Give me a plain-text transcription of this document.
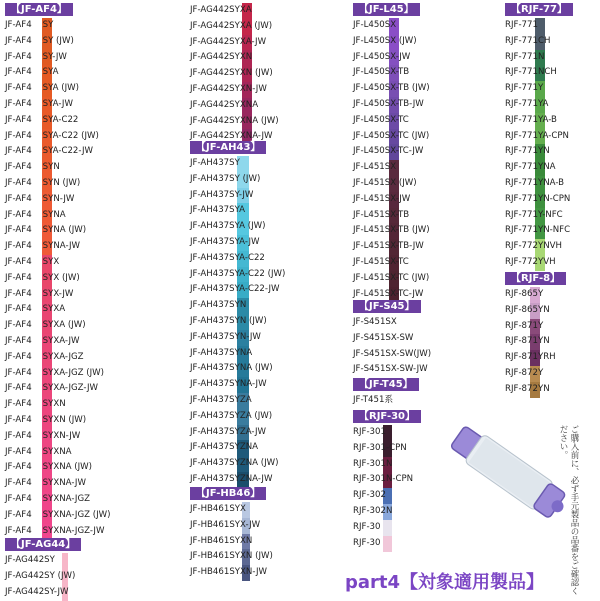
【JF-AF4】
JF-AF434SY
JF-AF434SY (JW)
JF-AF434SY-JW
JF-AF434SYA
JF-AF434SYA (JW)
JF-AF434SYA-JW
JF-AF434SYA-C22
JF-AF434SYA-C22 (JW)
JF-AF434SYA-C22-JW
JF-AF434SYN
JF-AF434SYN (JW)
JF-AF434SYN-JW
JF-AF434SYNA
JF-AF434SYNA (JW)
JF-AF434SYNA-JW
JF-AF442SYX
JF-AF442SYX (JW)
JF-AF442SYX-JW
JF-AF442SYXA
JF-AF442SYXA (JW)
JF-AF442SYXA-JW
JF-AF442SYXA-JGZ
JF-AF442SYXA-JGZ (JW)
JF-AF442SYXA-JGZ-JW
JF-AF442SYXN
JF-AF442SYXN (JW)
JF-AF442SYXN-JW
JF-AF442SYXNA
JF-AF442SYXNA (JW)
JF-AF442SYXNA-JW
JF-AF442SYXNA-JGZ
JF-AF442SYXNA-JGZ (JW)
JF-AF442SYXNA-JGZ-JW
【JF-AG44】
JF-AG442SY
JF-AG442SY (JW)
JF-AG442SY-JW
JF-AG442SYXA
JF-AG442SYXA (JW)
JF-AG442SYXA-JW
JF-AG442SYXN
JF-AG442SYXN (JW)
JF-AG442SYXN-JW
JF-AG442SYXNA
JF-AG442SYXNA (JW)
JF-AG442SYXNA-JW
【JF-AH43】
JF-AH437SY
JF-AH437SY (JW)
JF-AH437SY-JW
JF-AH437SYA
JF-AH437SYA (JW)
JF-AH437SYA-JW
JF-AH437SYA-C22
JF-AH437SYA-C22 (JW)
JF-AH437SYA-C22-JW
JF-AH437SYN
JF-AH437SYN (JW)
JF-AH437SYN-JW
JF-AH437SYNA
JF-AH437SYNA (JW)
JF-AH437SYNA-JW
JF-AH437SYZA
JF-AH437SYZA (JW)
JF-AH437SYZA-JW
JF-AH437SYZNA
JF-AH437SYZNA (JW)
JF-AH437SYZNA-JW
【JF-HB46】
JF-HB461SYX
JF-HB461SYX-JW
JF-HB461SYXN
JF-HB461SYXN (JW)
JF-HB461SYXN-JW
【JF-L45】
JF-L450SX
JF-L450SX (JW)
JF-L450SX-JW
JF-L450SX-TB
JF-L450SX-TB (JW)
JF-L450SX-TB-JW
JF-L450SX-TC
JF-L450SX-TC (JW)
JF-L450SX-TC-JW
JF-L451SX
JF-L451SX (JW)
JF-L451SX-JW
JF-L451SX-TB
JF-L451SX-TB (JW)
JF-L451SX-TB-JW
JF-L451SX-TC
JF-L451SX-TC (JW)
JF-L451SX-TC-JW
【JF-S45】
JF-S451SX
JF-S451SX-SW
JF-S451SX-SW(JW)
JF-S451SX-SW-JW
【JF-T45】
JF-T451系
【RJF-30】
RJF-301
RJF-301-CPN
RJF-301N
RJF-301N-CPN
RJF-302
RJF-302N
RJF-30
RJF-30
【RJF-77】
RJF-771
RJF-771CH
RJF-771N
RJF-771NCH
RJF-771Y
RJF-771YA
RJF-771YA-B
RJF-771YA-CPN
RJF-771YN
RJF-771YNA
RJF-771YNA-B
RJF-771YN-CPN
RJF-771Y-NFC
RJF-771YN-NFC
RJF-772YNVH
RJF-772YVH
【RJF-8】
RJF-865Y
RJF-865YN
RJF-871Y
RJF-871YN
RJF-871YRH
RJF-872Y
RJF-872YN
ご購入前に、必ず手元製品の品番をご確認ください。
part4【対象適用製品】
